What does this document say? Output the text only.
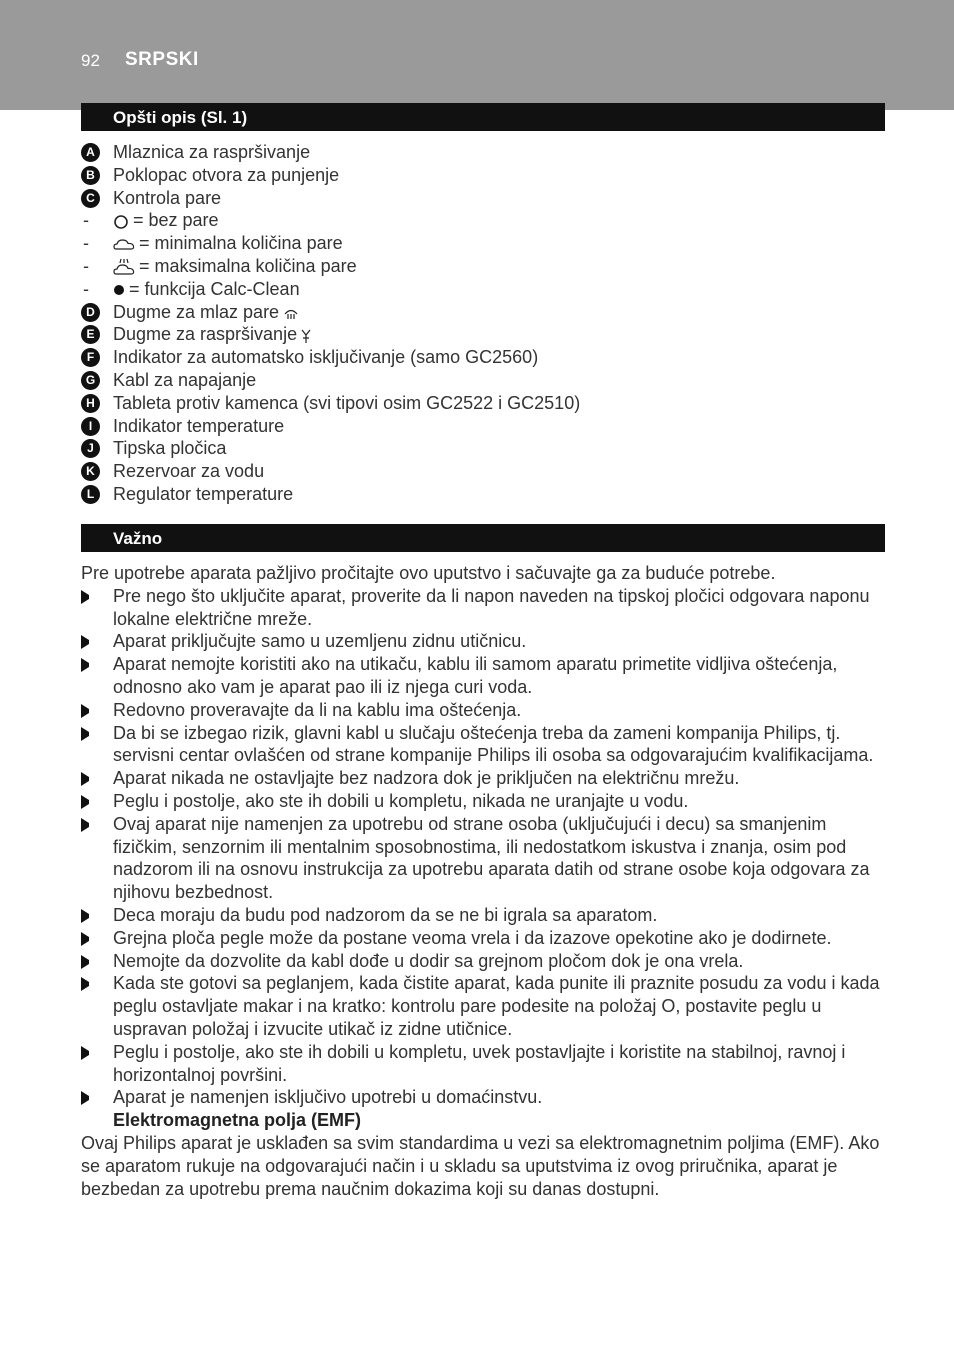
92 SRPSKI
Opšti opis (Sl. 1)
A Mlaznica za raspršivanje
B Poklopac otvora za punjenje
C Kontrola pare
- = bez pare
-	= minimalna količina pare
-	= maksimalna količina pare
- = funkcija Calc-Clean
D Dugme za mlaz pare
E	Dugme za raspršivanje
F	Indikator za automatsko isključivanje (samo GC2560)
G Kabl za napajanje
H Tableta protiv kamenca (svi tipovi osim GC2522 i GC2510)
I	Indikator temperature
J	Tipska pločica
K Rezervoar za vodu
L	Regulator temperature
Važno

Pre upotrebe aparata pažljivo pročitajte ovo uputstvo i sačuvajte ga za buduće potrebe.

Pre nego što uključite aparat, proverite da li napon naveden na tipskoj pločici odgovara naponu lokalne električne mreže.
Aparat priključujte samo u uzemljenu zidnu utičnicu.
Aparat nemojte koristiti ako na utikaču, kablu ili samom aparatu primetite vidljiva oštećenja, odnosno ako vam je aparat pao ili iz njega curi voda.
Redovno proveravajte da li na kablu ima oštećenja.
Da bi se izbegao rizik, glavni kabl u slučaju oštećenja treba da zameni kompanija Philips, tj. servisni centar ovlašćen od strane kompanije Philips ili osoba sa odgovarajućim kvalifikacijama.
Aparat nikada ne ostavljajte bez nadzora dok je priključen na električnu mrežu.
Peglu i postolje, ako ste ih dobili u kompletu, nikada ne uranjajte u vodu.
Ovaj aparat nije namenjen za upotrebu od strane osoba (uključujući i decu) sa smanjenim fizičkim, senzornim ili mentalnim sposobnostima, ili nedostatkom iskustva i znanja, osim pod nadzorom ili na osnovu instrukcija za upotrebu aparata datih od strane osobe koja odgovara za njihovu bezbednost.
Deca moraju da budu pod nadzorom da se ne bi igrala sa aparatom.
Grejna ploča pegle može da postane veoma vrela i da izazove opekotine ako je dodirnete.
Nemojte da dozvolite da kabl dođe u dodir sa grejnom pločom dok je ona vrela.
Kada ste gotovi sa peglanjem, kada čistite aparat, kada punite ili praznite posudu za vodu i kada peglu ostavljate makar i na kratko: kontrolu pare podesite na položaj O, postavite peglu u uspravan položaj i izvucite utikač iz zidne utičnice.
Peglu i postolje, ako ste ih dobili u kompletu, uvek postavljajte i koristite na stabilnoj, ravnoj i horizontalnoj površini.
Aparat je namenjen isključivo upotrebi u domaćinstvu.
Elektromagnetna polja (EMF)

Ovaj Philips aparat je usklađen sa svim standardima u vezi sa elektromagnetnim poljima (EMF). Ako se aparatom rukuje na odgovarajući način i u skladu sa uputstvima iz ovog priručnika, aparat je bezbedan za upotrebu prema naučnim dokazima koji su danas dostupni.
